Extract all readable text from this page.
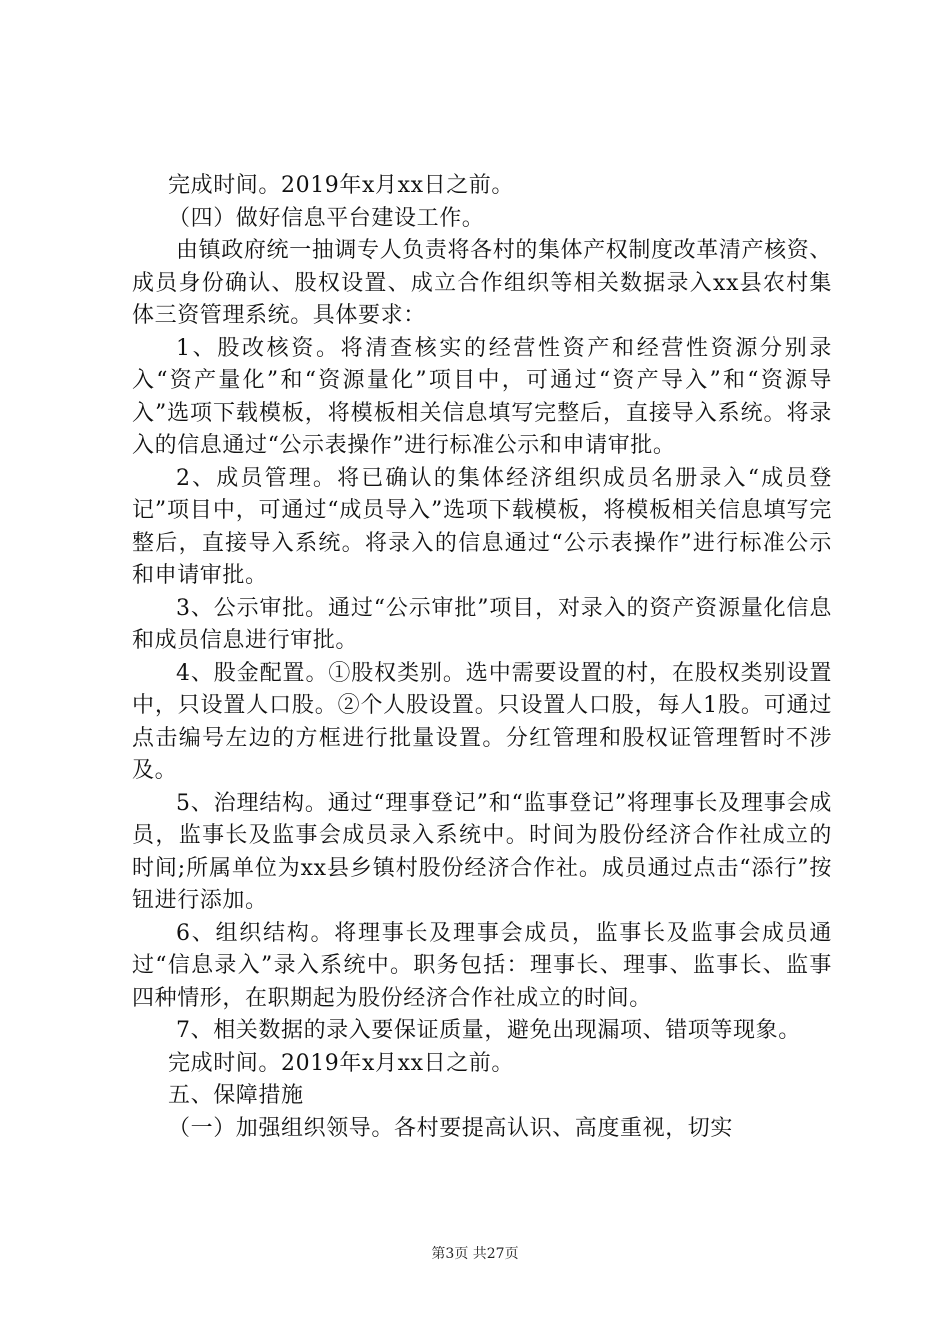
完成时间。2019年x月xx日之前。

（四）做好信息平台建设工作。

由镇政府统一抽调专人负责将各村的集体产权制度改革清产核资、成员身份确认、股权设置、成立合作组织等相关数据录入xx县农村集体三资管理系统。具体要求：

1、股改核资。将清查核实的经营性资产和经营性资源分别录入“资产量化”和“资源量化”项目中，可通过“资产导入”和“资源导入”选项下载模板，将模板相关信息填写完整后，直接导入系统。将录入的信息通过“公示表操作”进行标准公示和申请审批。

2、成员管理。将已确认的集体经济组织成员名册录入“成员登记”项目中，可通过“成员导入”选项下载模板，将模板相关信息填写完整后，直接导入系统。将录入的信息通过“公示表操作”进行标准公示和申请审批。

3、公示审批。通过“公示审批”项目，对录入的资产资源量化信息和成员信息进行审批。

4、股金配置。①股权类别。选中需要设置的村，在股权类别设置中，只设置人口股。②个人股设置。只设置人口股，每人1股。可通过点击编号左边的方框进行批量设置。分红管理和股权证管理暂时不涉及。

5、治理结构。通过“理事登记”和“监事登记”将理事长及理事会成员，监事长及监事会成员录入系统中。时间为股份经济合作社成立的时间;所属单位为xx县乡镇村股份经济合作社。成员通过点击“添行”按钮进行添加。

6、组织结构。将理事长及理事会成员，监事长及监事会成员通过“信息录入”录入系统中。职务包括：理事长、理事、监事长、监事四种情形，在职期起为股份经济合作社成立的时间。

7、相关数据的录入要保证质量，避免出现漏项、错项等现象。

完成时间。2019年x月xx日之前。

五、保障措施

（一）加强组织领导。各村要提高认识、高度重视，切实

第3页 共27页
